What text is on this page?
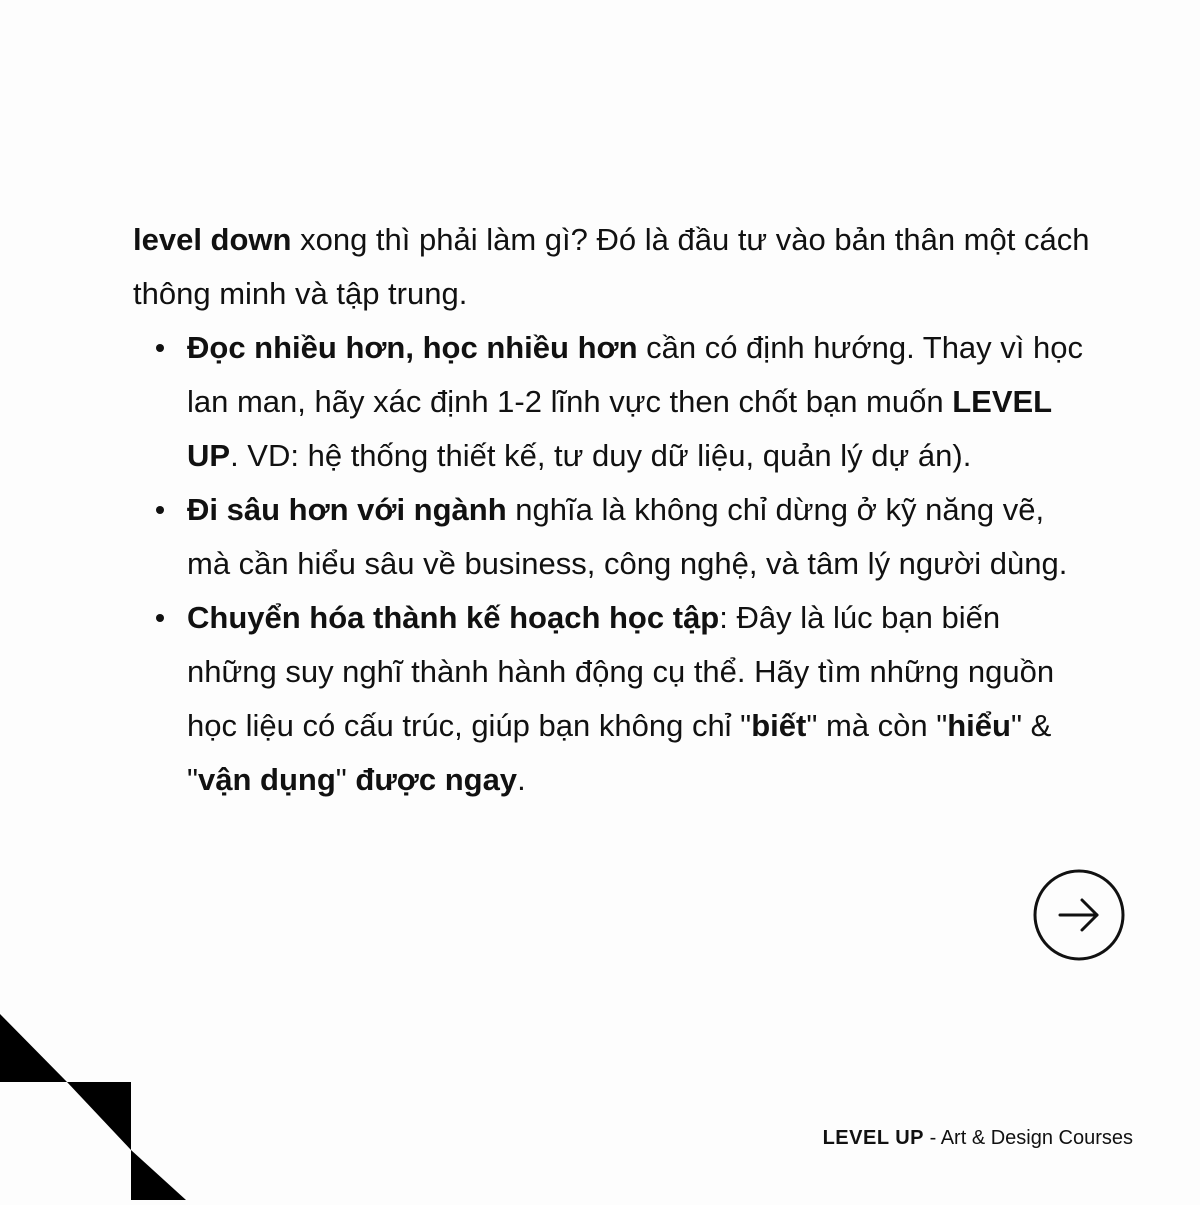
level down xong thì phải làm gì? Đó là đầu tư vào bản thân một cách thông minh và tập trung.

Đọc nhiều hơn, học nhiều hơn cần có định hướng. Thay vì học lan man, hãy xác định 1-2 lĩnh vực then chốt bạn muốn LEVEL UP. VD: hệ thống thiết kế, tư duy dữ liệu, quản lý dự án).
Đi sâu hơn với ngành nghĩa là không chỉ dừng ở kỹ năng vẽ, mà cần hiểu sâu về business, công nghệ, và tâm lý người dùng.
Chuyển hóa thành kế hoạch học tập: Đây là lúc bạn biến những suy nghĩ thành hành động cụ thể. Hãy tìm những nguồn học liệu có cấu trúc, giúp bạn không chỉ "biết" mà còn "hiểu" & "vận dụng" được ngay.
LEVEL UP - Art & Design Courses
